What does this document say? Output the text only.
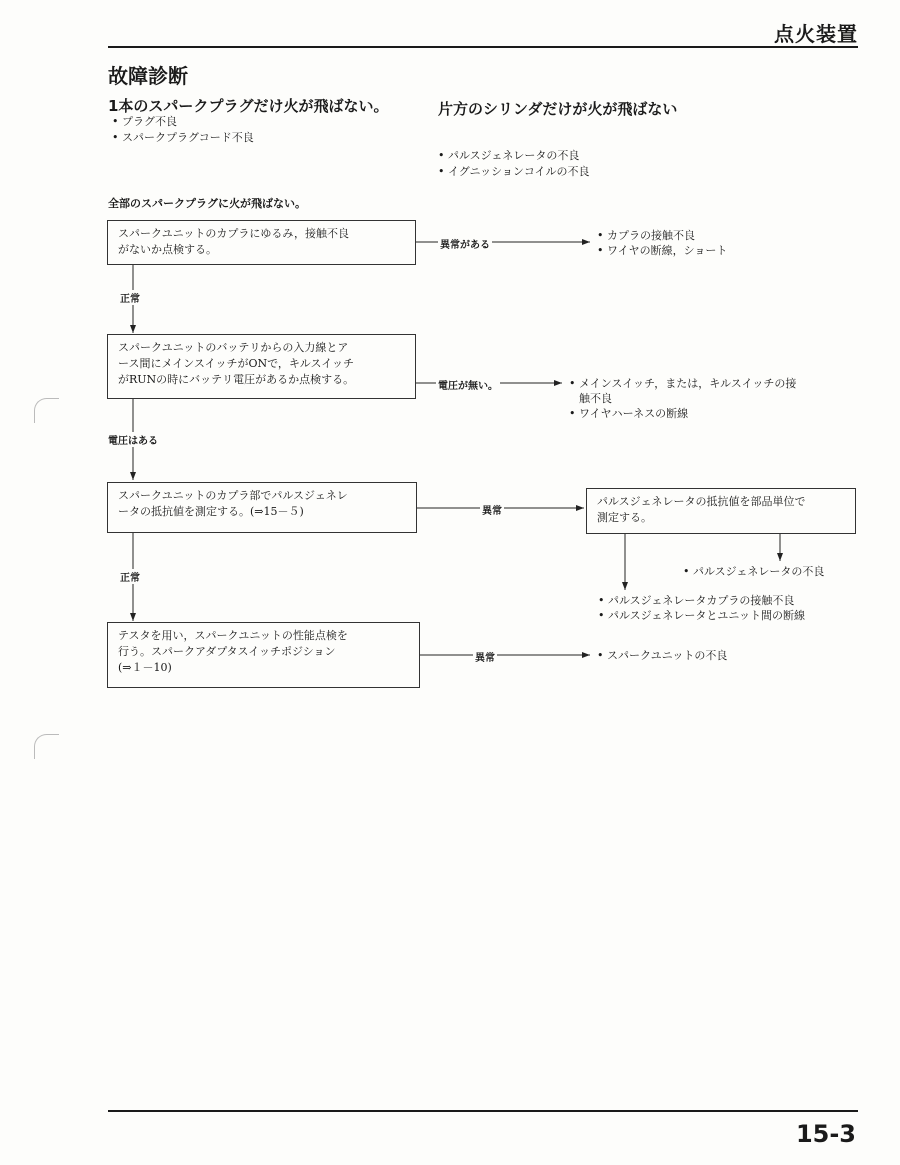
点火装置
故障診断
1本のスパークプラグだけ火が飛ばない。
• プラグ不良
• スパークプラグコード不良
片方のシリンダだけが火が飛ばない
• パルスジェネレータの不良
• イグニッションコイルの不良
全部のスパークプラグに火が飛ばない。
スパークユニットのカプラにゆるみ，接触不良
がないか点検する。	異常がある
• カプラの接触不良
• ワイヤの断線，ショート
正常
スパークユニットのバッテリからの入力線とア
ース間にメインスイッチがONで，キルスイッチ
がRUNの時にバッテリ電圧があるか点検する。
電圧が無い。	• メインスイッチ，または，キルスイッチの接
触不良
• ワイヤハーネスの断線
電圧はある
スパークユニットのカプラ部でパルスジェネレ
ータの抵抗値を測定する。(⇒15－５)	異常
正常
パルスジェネレータの抵抗値を部品単位で
測定する。
• パルスジェネレータの不良
• パルスジェネレータカプラの接触不良
• パルスジェネレータとユニット間の断線
テスタを用い，スパークユニットの性能点検を
行う。スパークアダプタスイッチポジション
(⇒１－10)
異常	• スパークユニットの不良
15-3
